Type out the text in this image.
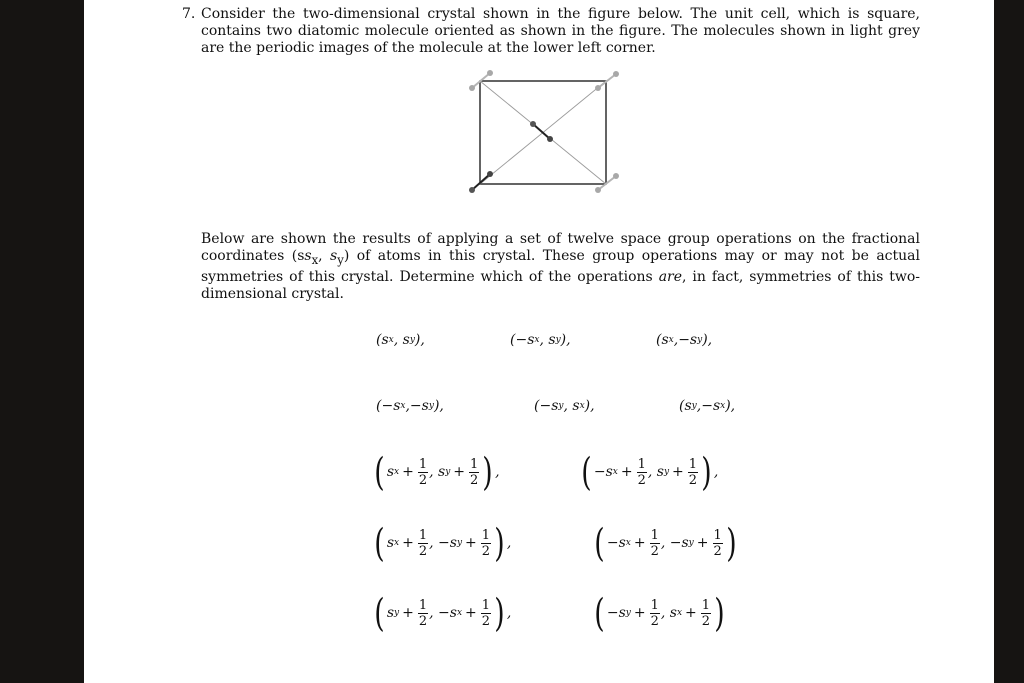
7. Consider the two-dimensional crystal shown in the figure below. The unit cell, which is square, contains two diatomic molecule oriented as shown in the figure. The molecules shown in light grey are the periodic images of the molecule at the lower left corner.

Below are shown the results of applying a set of twelve space group operations on the fractional coordinates ($ss_x$, $s_y$) of atoms in this crystal. These group operations may or may not be actual symmetries of this crystal. Determine which of the operations are, in fact, symmetries of this two-dimensional crystal.

(s x , s y ),	( − s x , s y ),	(s x , − s y ),
( − s x , − s y ),	( − s y , s x ),	(s y , − s x ),
( s $x + \frac{1}{2}$ , s $y + \frac{1}{2}$ ) , ( − s $x + \frac{1}{2}$ , s $y + \frac{1}{2}$ ) ,
( s $x + \frac{1}{2}$ , − s $y + \frac{1}{2}$ ) , ( − s $x + \frac{1}{2}$ , − s $y + \frac{1}{2}$ )
( s $y + \frac{1}{2}$ , − s $x + \frac{1}{2}$ ) , ( − s $y + \frac{1}{2}$ , s $x + \frac{1}{2}$ )
